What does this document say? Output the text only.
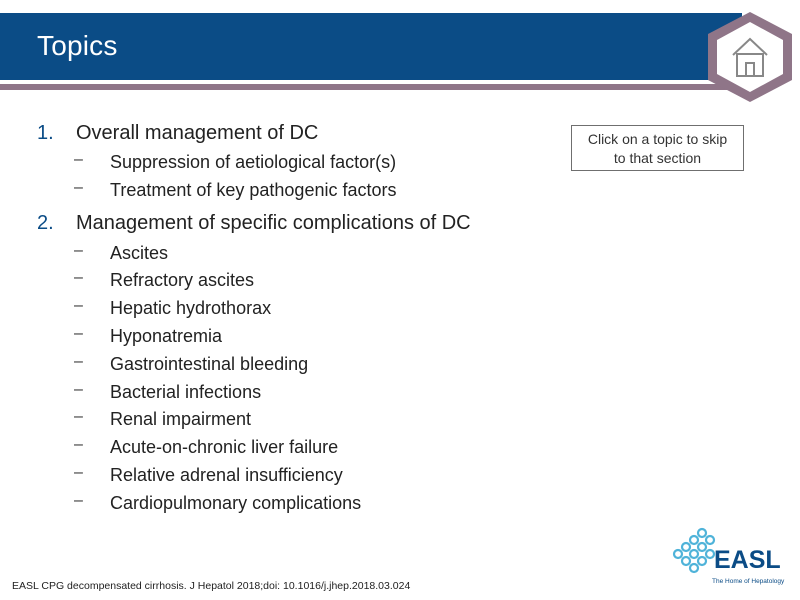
Topics
1. Overall management of DC
– Suppression of aetiological factor(s)
– Treatment of key pathogenic factors
2. Management of specific complications of DC
– Ascites
– Refractory ascites
– Hepatic hydrothorax
– Hyponatremia
– Gastrointestinal bleeding
– Bacterial infections
– Renal impairment
– Acute-on-chronic liver failure
– Relative adrenal insufficiency
– Cardiopulmonary complications
Click on a topic to skip
to that section
EASL CPG decompensated cirrhosis. J Hepatol 2018;doi: 10.1016/j.jhep.2018.03.024
EASL
The Home of Hepatology
